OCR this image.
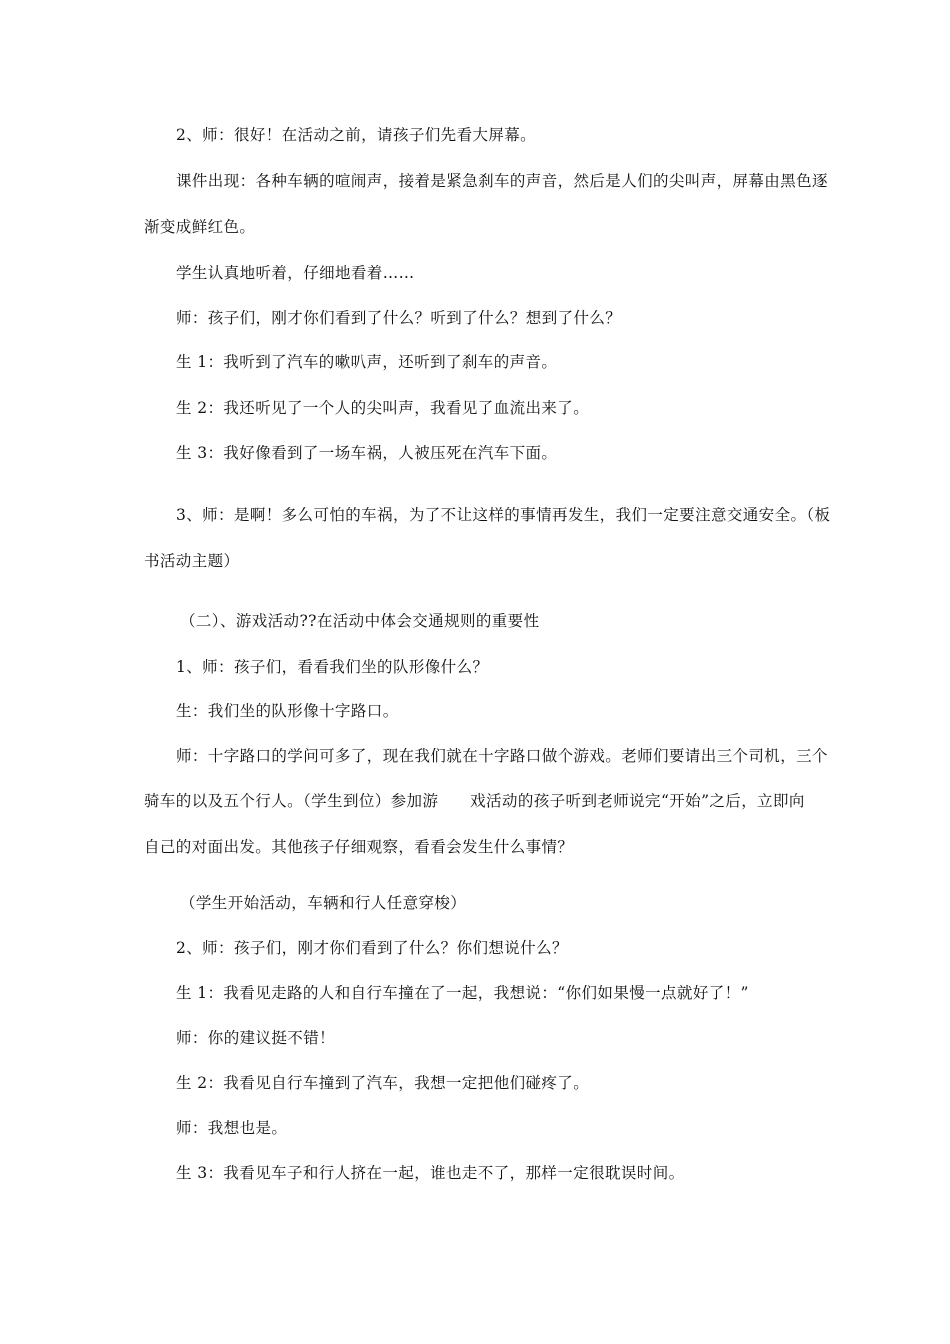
2、师：很好！在活动之前，请孩子们先看大屏幕。
课件出现：各种车辆的喧闹声，接着是紧急刹车的声音，然后是人们的尖叫声，屏幕由黑色逐
渐变成鲜红色。
学生认真地听着，仔细地看着……
师：孩子们，刚才你们看到了什么？听到了什么？想到了什么？
生 1：我听到了汽车的嗽叭声，还听到了刹车的声音。
生 2：我还听见了一个人的尖叫声，我看见了血流出来了。
生 3：我好像看到了一场车祸，人被压死在汽车下面。
3、师：是啊！多么可怕的车祸，为了不让这样的事情再发生，我们一定要注意交通安全。（板
书活动主题）
（二）、游戏活动??在活动中体会交通规则的重要性
1、师：孩子们，看看我们坐的队形像什么？
生：我们坐的队形像十字路口。
师：十字路口的学问可多了，现在我们就在十字路口做个游戏。老师们要请出三个司机，三个
骑车的以及五个行人。（学生到位）参加游　　戏活动的孩子听到老师说完“开始”之后，立即向
自己的对面出发。其他孩子仔细观察，看看会发生什么事情？
（学生开始活动，车辆和行人任意穿梭）
2、师：孩子们，刚才你们看到了什么？你们想说什么？
生 1：我看见走路的人和自行车撞在了一起，我想说：“你们如果慢一点就好了！”
师：你的建议挺不错！
生 2：我看见自行车撞到了汽车，我想一定把他们碰疼了。
师：我想也是。
生 3：我看见车子和行人挤在一起，谁也走不了，那样一定很耽误时间。
